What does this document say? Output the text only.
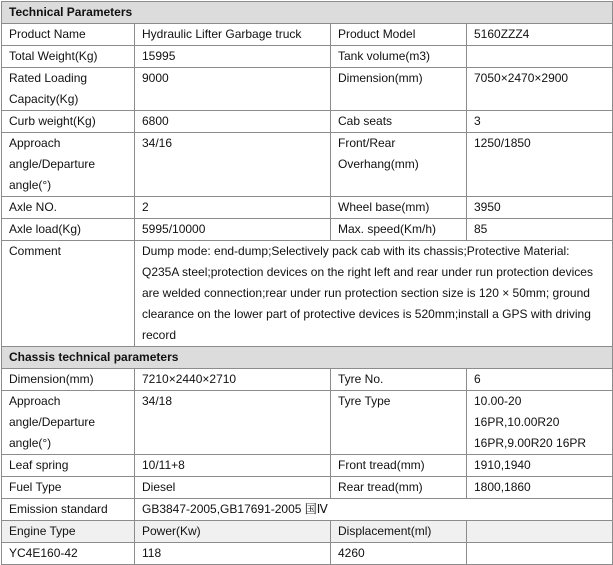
Technical Parameters			
Product Name	Hydraulic Lifter Garbage truck	Product Model	5160ZZZ4
Total Weight(Kg)	15995	Tank volume(m3)	
Rated Loading Capacity(Kg)	9000	Dimension(mm)	7050×2470×2900
Curb weight(Kg)	6800	Cab seats	3
Approach angle/Departure angle(°)	34/16	Front/Rear Overhang(mm)	1250/1850
Axle NO.	2	Wheel base(mm)	3950
Axle load(Kg)	5995/10000	Max. speed(Km/h)	85
Comment	Dump mode: end-dump;Selectively pack cab with its chassis;Protective Material: Q235A steel;protection devices on the right left and rear under run protection devices are welded connection;rear under run protection section size is 120 × 50mm; ground clearance on the lower part of protective devices is 520mm;install a GPS with driving record		
Chassis technical parameters			
Dimension(mm)	7210×2440×2710	Tyre No.	6
Approach angle/Departure angle(°)	34/18	Tyre Type	10.00-20 16PR,10.00R20 16PR,9.00R20 16PR
Leaf spring	10/11+8	Front tread(mm)	1910,1940
Fuel Type	Diesel	Rear tread(mm)	1800,1860
Emission standard	GB3847-2005,GB17691-2005 国Ⅳ		
Engine Type	Power(Kw)	Displacement(ml)	
YC4E160-42	118	4260	
